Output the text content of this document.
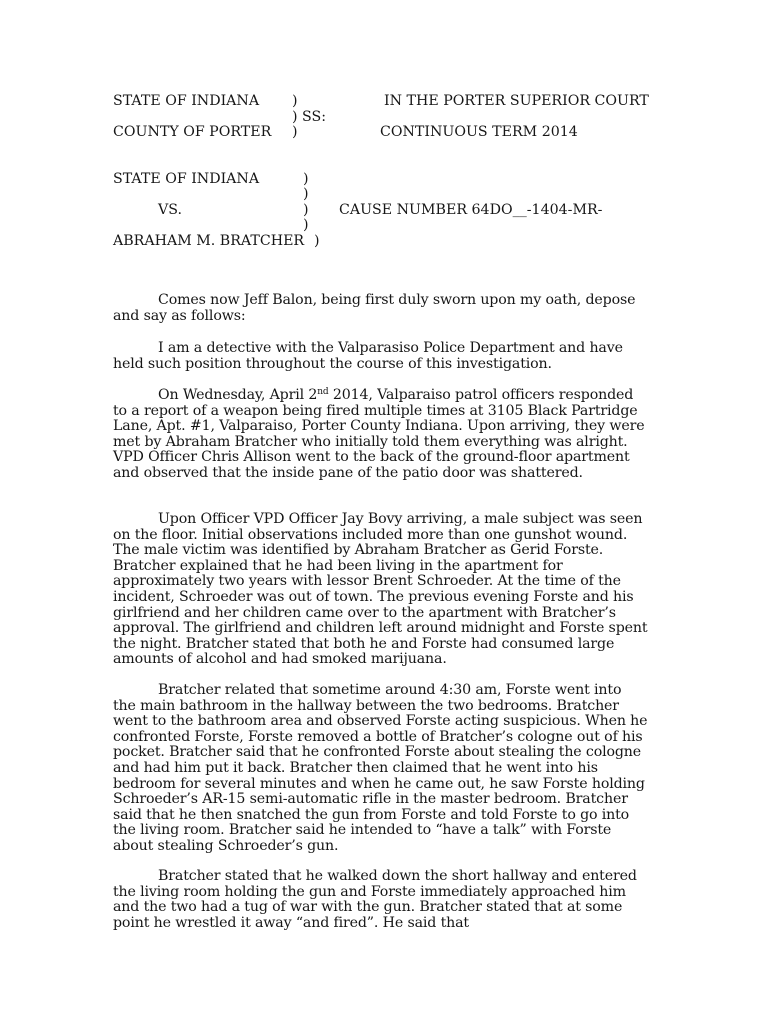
STATE OF INDIANA )	IN THE PORTER SUPERIOR COURT
) SS:
COUNTY OF PORTER )	CONTINUOUS TERM 2014
STATE OF INDIANA	)
)
VS.	) CAUSE NUMBER 64DO__-1404-MR-
)
ABRAHAM M. BRATCHER )

Comes now Jeff Balon, being first duly sworn upon my oath, depose and say as follows:

I am a detective with the Valparasiso Police Department and have held such position throughout the course of this investigation.

On Wednesday, April 2nd 2014, Valparaiso patrol officers responded to a report of a weapon being fired multiple times at 3105 Black Partridge Lane, Apt. #1, Valparaiso, Porter County Indiana. Upon arriving, they were met by Abraham Bratcher who initially told them everything was alright. VPD Officer Chris Allison went to the back of the ground-floor apartment and observed that the inside pane of the patio door was shattered.

Upon Officer VPD Officer Jay Bovy arriving, a male subject was seen on the floor. Initial observations included more than one gunshot wound. The male victim was identified by Abraham Bratcher as Gerid Forste. Bratcher explained that he had been living in the apartment for approximately two years with lessor Brent Schroeder. At the time of the incident, Schroeder was out of town. The previous evening Forste and his girlfriend and her children came over to the apartment with Bratcher’s approval. The girlfriend and children left around midnight and Forste spent the night. Bratcher stated that both he and Forste had consumed large amounts of alcohol and had smoked marijuana.

Bratcher related that sometime around 4:30 am, Forste went into the main bathroom in the hallway between the two bedrooms. Bratcher went to the bathroom area and observed Forste acting suspicious. When he confronted Forste, Forste removed a bottle of Bratcher’s cologne out of his pocket. Bratcher said that he confronted Forste about stealing the cologne and had him put it back. Bratcher then claimed that he went into his bedroom for several minutes and when he came out, he saw Forste holding Schroeder’s AR-15 semi-automatic rifle in the master bedroom. Bratcher said that he then snatched the gun from Forste and told Forste to go into the living room. Bratcher said he intended to “have a talk” with Forste about stealing Schroeder’s gun.

Bratcher stated that he walked down the short hallway and entered the living room holding the gun and Forste immediately approached him and the two had a tug of war with the gun. Bratcher stated that at some point he wrestled it away “and fired”. He said that
